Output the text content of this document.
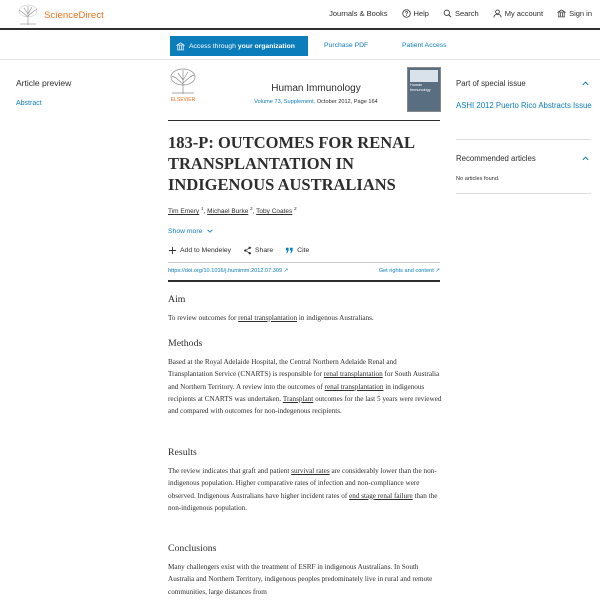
ScienceDirect	Journals & Books	Help	Search	My account	Sign in
Access through your organization	Purchase PDF	Patient Access
Article preview
Abstract	ELSEVIER
Human Immunology
Volume 73, Supplement, October 2012, Page 164
Human Immunology
183-P: OUTCOMES FOR RENAL TRANSPLANTATION IN INDIGENOUS AUSTRALIANS
Tim Emery $^1$, Michael Burke $^2$, Toby Coates $^2$
Show more
Add to Mendeley	Share	Cite
https://doi.org/10.1016/j.humimm.2012.07.309 ↗	Get rights and content ↗
Aim

To review outcomes for renal transplantation in indigenous Australians.

Methods

Based at the Royal Adelaide Hospital, the Central Northern Adelaide Renal and Transplantation Service (CNARTS) is responsible for renal transplantation for South Australia and Northern Territory. A review into the outcomes of renal transplantation in indigenous recipients at CNARTS was undertaken. Transplant outcomes for the last 5 years were reviewed and compared with outcomes for non-indegenous recipients.

Results

The review indicates that graft and patient survival rates are considerably lower than the non-indigenous population. Higher comparative rates of infection and non-compliance were observed. Indigenous Australians have higher incident rates of end stage renal failure than the non-indigenous population.

Conclusions

Many challengers exist with the treatment of ESRF in indigenous Australians. In South Australia and Northern Territory, indigenous peoples predominately live in rural and remote communities, large distances from

Part of special issue
ASHI 2012 Puerto Rico Abstracts Issue
Recommended articles
No articles found.
